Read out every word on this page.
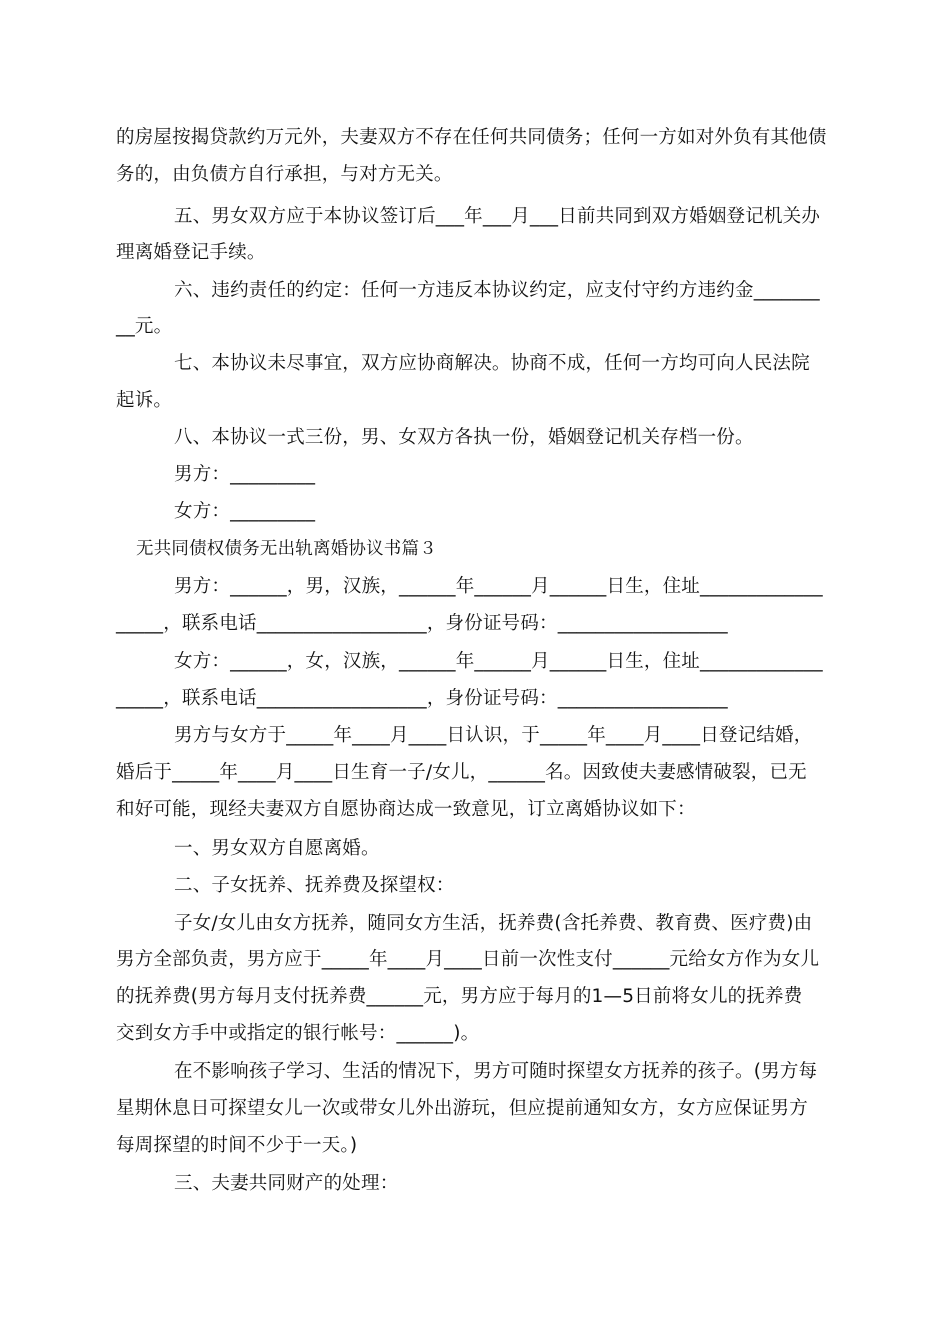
的房屋按揭贷款约万元外，夫妻双方不存在任何共同债务；任何一方如对外负有其他债
务的，由负债方自行承担，与对方无关。
五、男女双方应于本协议签订后___年___月___日前共同到双方婚姻登记机关办
理离婚登记手续。
六、违约责任的约定：任何一方违反本协议约定，应支付守约方违约金_______
__元。
七、本协议未尽事宜，双方应协商解决。协商不成，任何一方均可向人民法院
起诉。
八、本协议一式三份，男、女双方各执一份，婚姻登记机关存档一份。
男方：_________
女方：_________
无共同债权债务无出轨离婚协议书篇３
男方：______，男，汉族，______年______月______日生，住址_____________
_____，联系电话__________________，身份证号码：__________________
女方：______，女，汉族，______年______月______日生，住址_____________
_____，联系电话__________________，身份证号码：__________________
男方与女方于_____年____月____日认识，于_____年____月____日登记结婚，
婚后于_____年____月____日生育一子/女儿，______名。因致使夫妻感情破裂，已无
和好可能，现经夫妻双方自愿协商达成一致意见，订立离婚协议如下：
一、男女双方自愿离婚。
二、子女抚养、抚养费及探望权：
子女/女儿由女方抚养，随同女方生活，抚养费(含托养费、教育费、医疗费)由
男方全部负责，男方应于_____年____月____日前一次性支付______元给女方作为女儿
的抚养费(男方每月支付抚养费______元，男方应于每月的1—5日前将女儿的抚养费
交到女方手中或指定的银行帐号：______)。
在不影响孩子学习、生活的情况下，男方可随时探望女方抚养的孩子。(男方每
星期休息日可探望女儿一次或带女儿外出游玩，但应提前通知女方，女方应保证男方
每周探望的时间不少于一天。)
三、夫妻共同财产的处理：
